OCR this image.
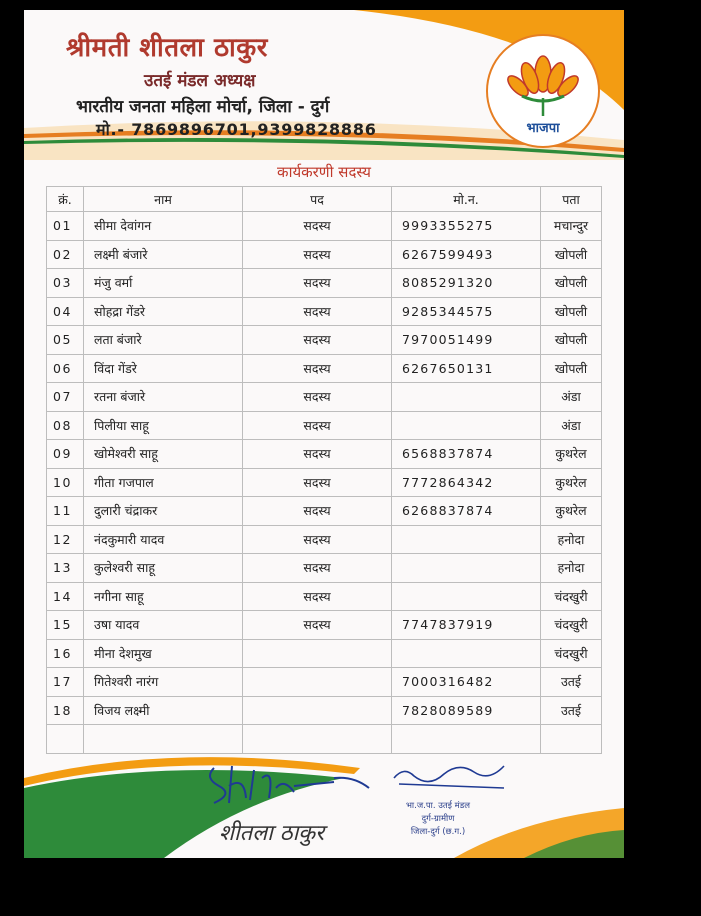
श्रीमती शीतला ठाकुर
उतई मंडल अध्यक्ष
भारतीय जनता महिला मोर्चा, जिला - दुर्ग
मो.- 7869896701,9399828886	भाजपा
कार्यकरणी सदस्य
क्रं.	नाम	पद	मो.न.	पता
01	सीमा देवांगन	सदस्य	9993355275	मचान्दुर
02	लक्ष्मी बंजारे	सदस्य	6267599493	खोपली
03	मंजु वर्मा	सदस्य	8085291320	खोपली
04	सोहद्रा गेंडरे	सदस्य	9285344575	खोपली
05	लता बंजारे	सदस्य	7970051499	खोपली
06	विंदा गेंडरे	सदस्य	6267650131	खोपली
07	रतना बंजारे	सदस्य		अंडा
08	पिलीया साहू	सदस्य		अंडा
09	खोमेश्वरी साहू	सदस्य	6568837874	कुथरेल
10	गीता गजपाल	सदस्य	7772864342	कुथरेल
11	दुलारी चंद्राकर	सदस्य	6268837874	कुथरेल
12	नंदकुमारी यादव	सदस्य		हनोदा
13	कुलेश्वरी साहू	सदस्य		हनोदा
14	नगीना साहू	सदस्य		चंदखुरी
15	उषा यादव	सदस्य	7747837919	चंदखुरी
16	मीना देशमुख			चंदखुरी
17	गितेश्वरी नारंग		7000316482	उतई
18	विजय लक्ष्मी		7828089589	उतई

शीतला ठाकुर
भा.ज.पा. उतई मंडल
दुर्ग-ग्रामीण
जिला-दुर्ग (छ.ग.)
